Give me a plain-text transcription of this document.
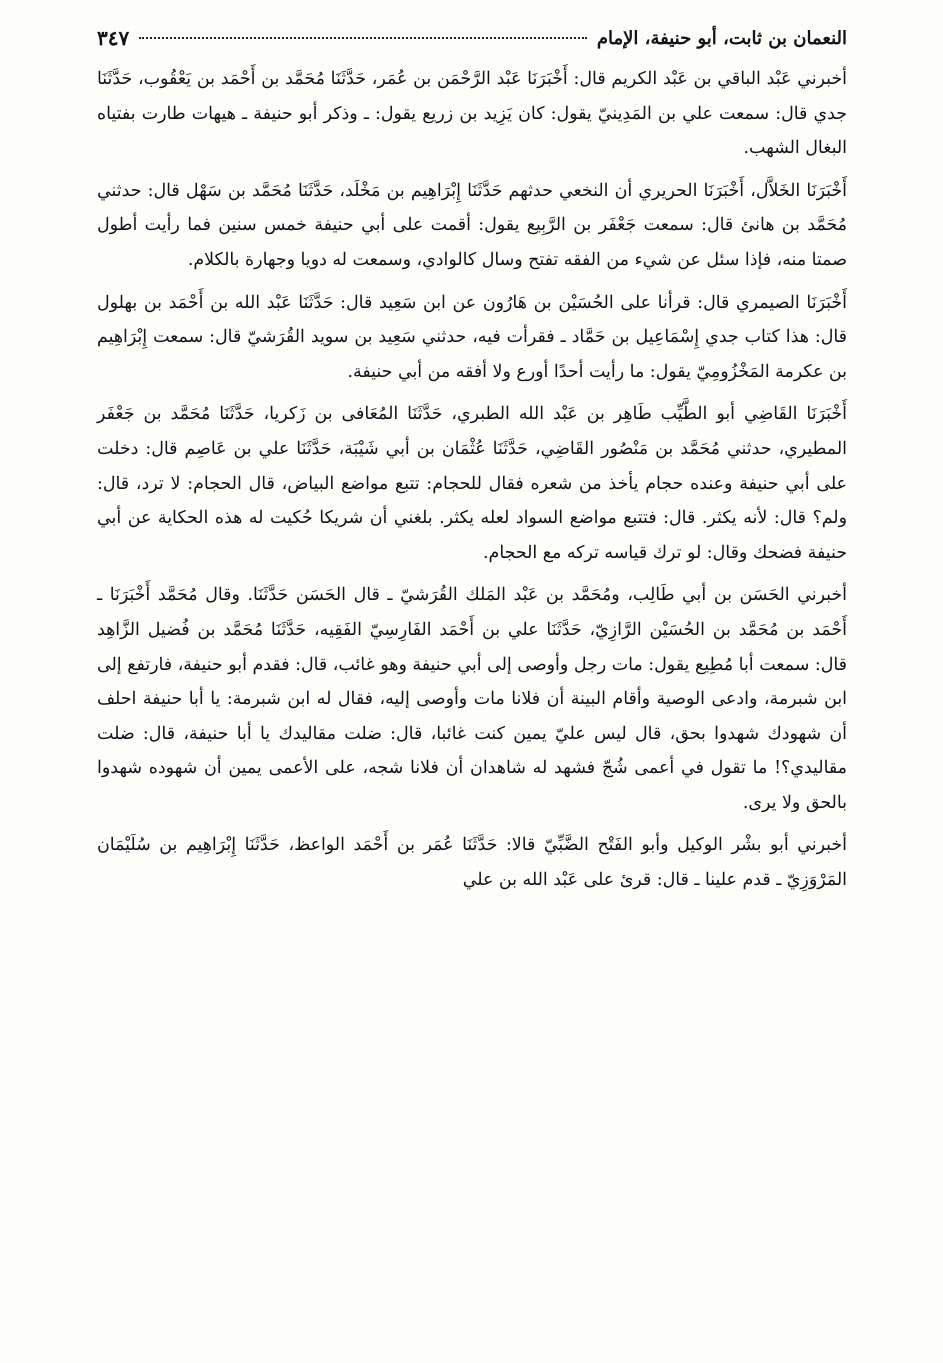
النعمان بن ثابت، أبو حنيفة، الإمام
٣٤٧

أخبرني عَبْد الباقي بن عَبْد الكريم قال: أَخْبَرَنَا عَبْد الرَّحْمَن بن عُمَر، حَدَّثَنَا مُحَمَّد بن أَحْمَد بن يَعْقُوب، حَدَّثَنَا جدي قال: سمعت علي بن المَدِينيّ يقول: كان يَزِيد بن زريع يقول: ـ وذكر أبو حنيفة ـ هيهات طارت بفتياه البغال الشهب.

أَخْبَرَنَا الخَلاَّل، أَخْبَرَنَا الحريري أن النخعي حدثهم حَدَّثَنَا إِبْرَاهِيم بن مَخْلَد، حَدَّثَنَا مُحَمَّد بن سَهْل قال: حدثني مُحَمَّد بن هانئ قال: سمعت جَعْفَر بن الرَّبِيع يقول: أقمت على أبي حنيفة خمس سنين فما رأيت أطول صمتا منه، فإذا سئل عن شيء من الفقه تفتح وسال كالوادي، وسمعت له دويا وجهارة بالكلام.

أَخْبَرَنَا الصيمري قال: قرأنا على الحُسَيْن بن هَارُون عن ابن سَعِيد قال: حَدَّثَنَا عَبْد الله بن أَحْمَد بن بهلول قال: هذا كتاب جدي إِسْمَاعِيل بن حَمَّاد ـ فقرأت فيه، حدثني سَعِيد بن سويد القُرَشيّ قال: سمعت إِبْرَاهِيم بن عكرمة المَخْزُومِيّ يقول: ما رأيت أحدًا أورع ولا أفقه من أبي حنيفة.

أَخْبَرَنَا القَاضِي أبو الطَّيِّب طَاهِر بن عَبْد الله الطبري، حَدَّثَنَا المُعَافى بن زَكريا، حَدَّثَنَا مُحَمَّد بن جَعْفَر المطيري، حدثني مُحَمَّد بن مَنْصُور القَاضِي، حَدَّثَنَا عُثْمَان بن أبي شَيْبَة، حَدَّثَنَا علي بن عَاصِم قال: دخلت على أبي حنيفة وعنده حجام يأخذ من شعره فقال للحجام: تتبع مواضع البياض، قال الحجام: لا ترد، قال: ولم؟ قال: لأنه يكثر. قال: فتتبع مواضع السواد لعله يكثر. بلغني أن شريكا حُكيت له هذه الحكاية عن أبي حنيفة فضحك وقال: لو ترك قياسه تركه مع الحجام.

أخبرني الحَسَن بن أبي طَالِب، ومُحَمَّد بن عَبْد المَلك القُرَشيّ ـ قال الحَسَن حَدَّثَنَا. وقال مُحَمَّد أَخْبَرَنَا ـ أَحْمَد بن مُحَمَّد بن الحُسَيْن الرَّازِيّ، حَدَّثَنَا علي بن أَحْمَد الفَارِسِيّ الفَقِيه، حَدَّثَنَا مُحَمَّد بن فُضيل الزَّاهِد قال: سمعت أبا مُطِيع يقول: مات رجل وأوصى إلى أبي حنيفة وهو غائب، قال: فقدم أبو حنيفة، فارتفع إلى ابن شبرمة، وادعى الوصية وأقام البينة أن فلانا مات وأوصى إليه، فقال له ابن شبرمة: يا أبا حنيفة احلف أن شهودك شهدوا بحق، قال ليس عليّ يمين كنت غائبا، قال: ضلت مقاليدك يا أبا حنيفة، قال: ضلت مقاليدي؟! ما تقول في أعمى شُجّ فشهد له شاهدان أن فلانا شجه، على الأعمى يمين أن شهوده شهدوا بالحق ولا يرى.

أخبرني أبو بشْر الوكيل وأبو الفَتْح الضَّبِّيّ قالا: حَدَّثَنَا عُمَر بن أَحْمَد الواعظ، حَدَّثَنَا إِبْرَاهِيم بن سُلَيْمَان المَرْوَزِيّ ـ قدم علينا ـ قال: قرئ على عَبْد الله بن علي
